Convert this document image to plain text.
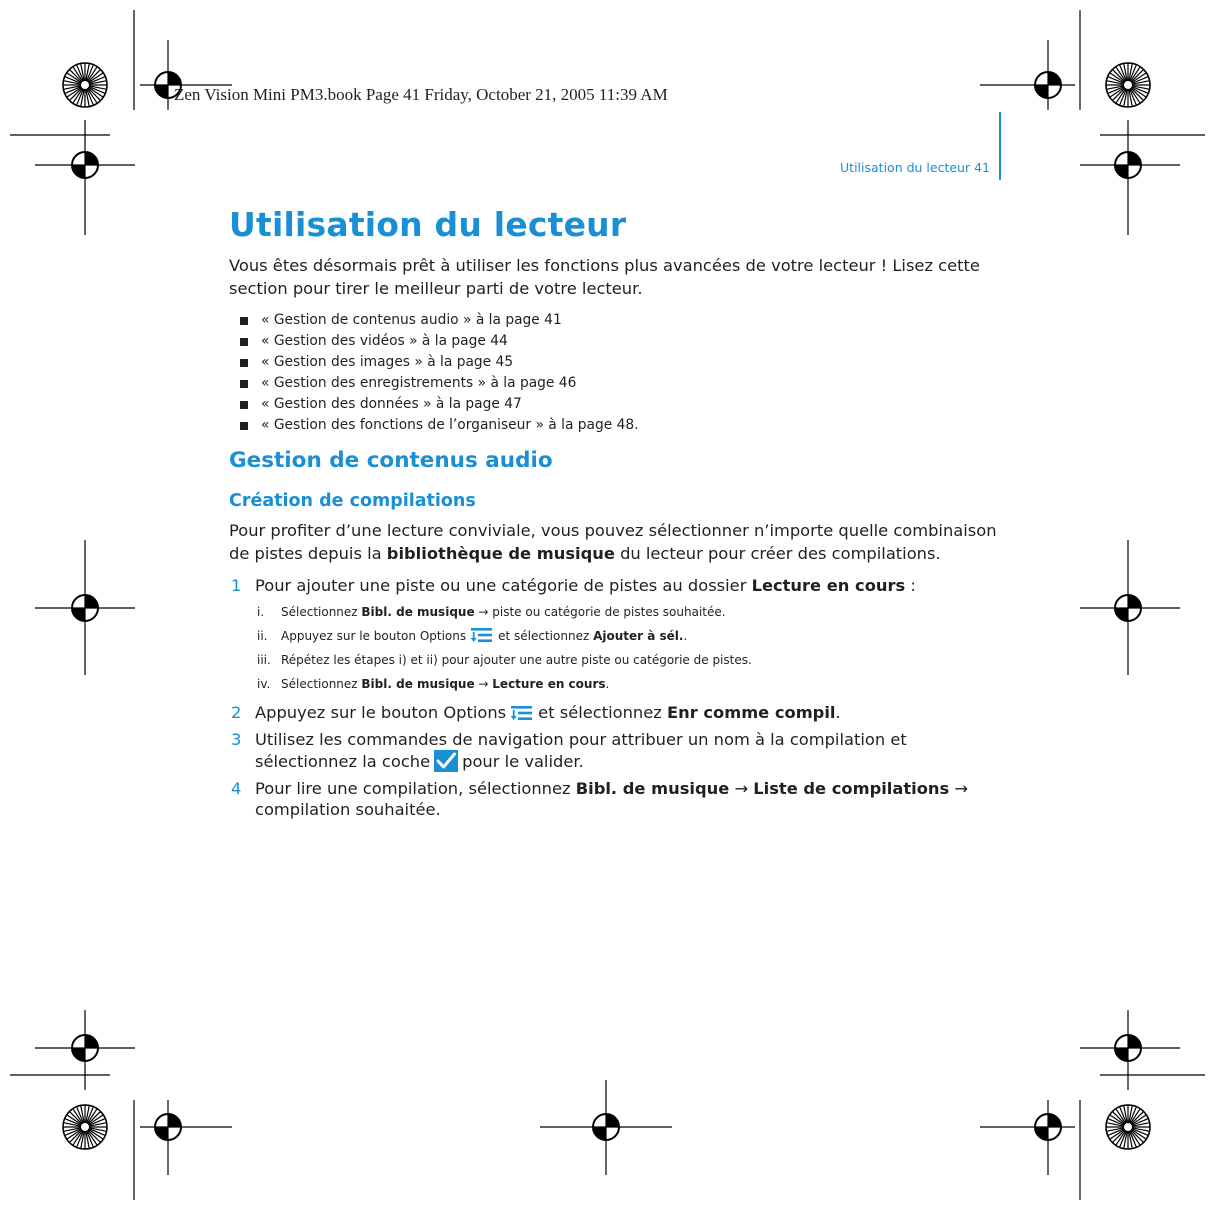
Zen Vision Mini PM3.book Page 41 Friday, October 21, 2005 11:39 AM
Utilisation du lecteur 41
Utilisation du lecteur

Vous êtes désormais prêt à utiliser les fonctions plus avancées de votre lecteur ! Lisez cette section pour tirer le meilleur parti de votre lecteur.

« Gestion de contenus audio » à la page 41
« Gestion des vidéos » à la page 44
« Gestion des images » à la page 45
« Gestion des enregistrements » à la page 46
« Gestion des données » à la page 47
« Gestion des fonctions de l’organiseur » à la page 48.
Gestion de contenus audio
Création de compilations

Pour profiter d’une lecture conviviale, vous pouvez sélectionner n’importe quelle combinaison de pistes depuis la bibliothèque de musique du lecteur pour créer des compilations.

1 Pour ajouter une piste ou une catégorie de pistes au dossier Lecture en cours :
i. Sélectionnez Bibl. de musique → piste ou catégorie de pistes souhaitée.
ii. Appuyez sur le bouton Options	et sélectionnez Ajouter à sél..
iii. Répétez les étapes i) et ii) pour ajouter une autre piste ou catégorie de pistes.
iv. Sélectionnez Bibl. de musique → Lecture en cours.
2 Appuyez sur le bouton Options et sélectionnez Enr comme compil.
3 Utilisez les commandes de navigation pour attribuer un nom à la compilation et sélectionnez la coche pour le valider.
4 Pour lire une compilation, sélectionnez Bibl. de musique → Liste de compilations → compilation souhaitée.
